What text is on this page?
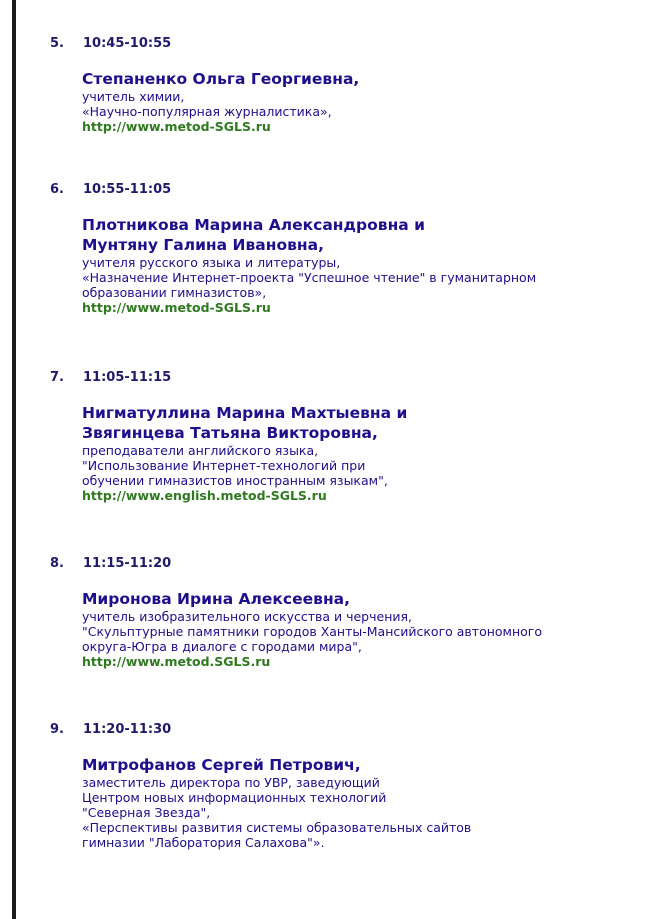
5. 10:45-10:55
Степаненко Ольга Георгиевна,
учитель химии,
«Научно-популярная журналистика»,
http://www.metod-SGLS.ru
6. 10:55-11:05
Плотникова Марина Александровна и
Мунтяну Галина Ивановна,
учителя русского языка и литературы,
«Назначение Интернет-проекта "Успешное чтение" в гуманитарном
образовании гимназистов»,
http://www.metod-SGLS.ru
7. 11:05-11:15
Нигматуллина Марина Махтыевна и
Звягинцева Татьяна Викторовна,
преподаватели английского языка,
"Использование Интернет-технологий при
обучении гимназистов иностранным языкам",
http://www.english.metod-SGLS.ru
8. 11:15-11:20
Миронова Ирина Алексеевна,
учитель изобразительного искусства и черчения,
"Скульптурные памятники городов Ханты-Мансийского автономного
округа-Югра в диалоге с городами мира",
http://www.metod.SGLS.ru
9. 11:20-11:30
Митрофанов Сергей Петрович,
заместитель директора по УВР, заведующий
Центром новых информационных технологий
"Северная Звезда",
«Перспективы развития системы образовательных сайтов
гимназии "Лаборатория Салахова"».
